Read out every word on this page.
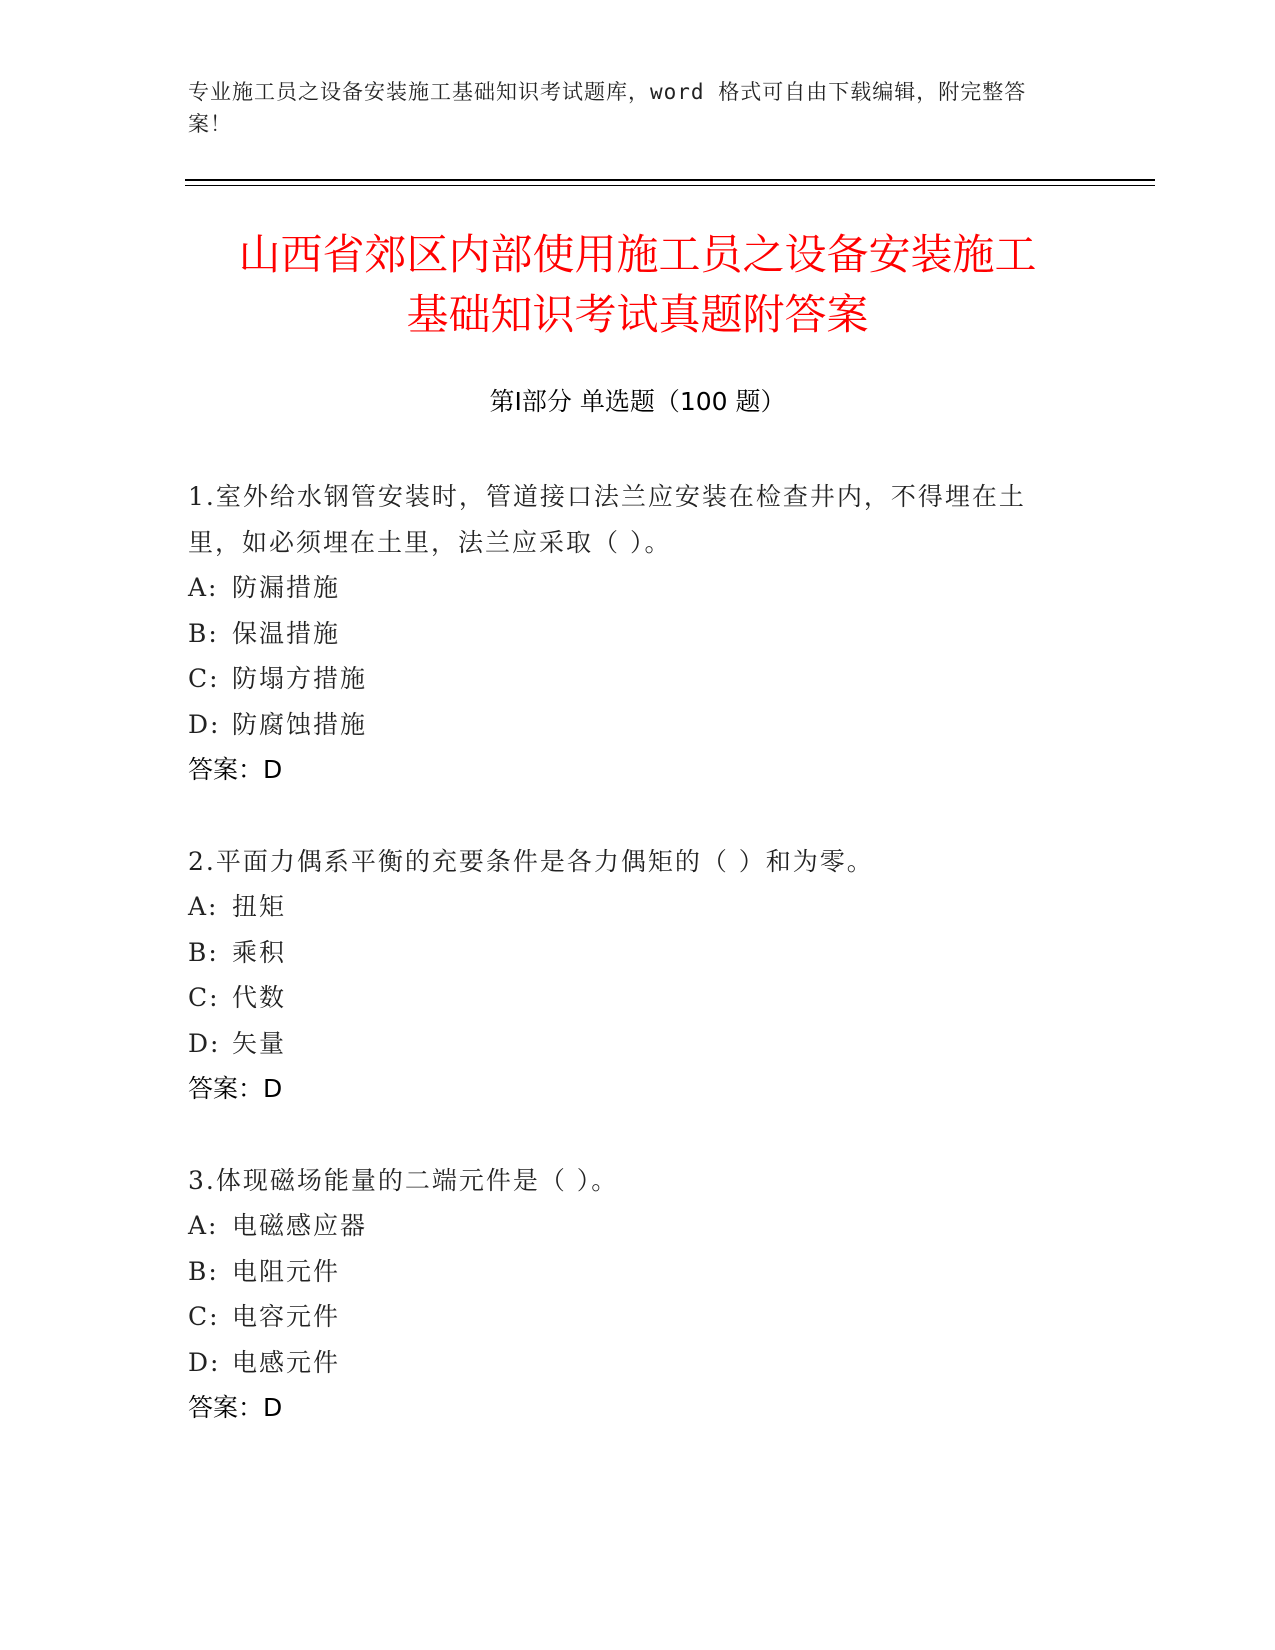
专业施工员之设备安装施工基础知识考试题库，word 格式可自由下载编辑，附完整答案！
山西省郊区内部使用施工员之设备安装施工
基础知识考试真题附答案
第Ⅰ部分 单选题（100 题）
1.室外给水钢管安装时，管道接口法兰应安装在检查井内，不得埋在土里，如必须埋在土里，法兰应采取（ ）。
A: 防漏措施
B: 保温措施
C: 防塌方措施
D: 防腐蚀措施
答案：D
2.平面力偶系平衡的充要条件是各力偶矩的（ ）和为零。
A: 扭矩
B: 乘积
C: 代数
D: 矢量
答案：D
3.体现磁场能量的二端元件是（ ）。
A: 电磁感应器
B: 电阻元件
C: 电容元件
D: 电感元件
答案：D
